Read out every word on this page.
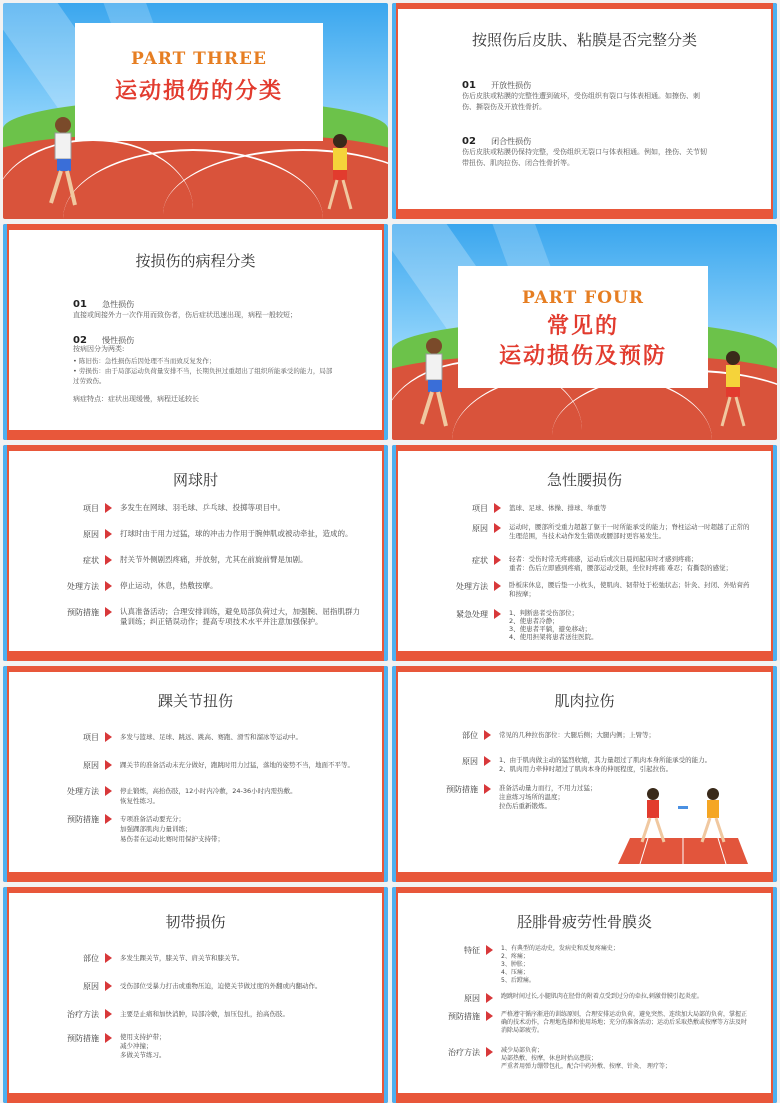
PART THREE
运动损伤的分类
按照伤后皮肤、粘膜是否完整分类
01 开放性损伤
伤后皮肤或粘膜的完整性遭到破坏，受伤组织有裂口与体表相通。如擦伤、刺伤、撕裂伤及开放性骨折。
02 闭合性损伤
伤后皮肤或粘膜仍保持完整，受伤组织无裂口与体表相通。例如，挫伤、关节韧带扭伤、肌肉拉伤、闭合性骨折等。
按损伤的病程分类
01 急性损伤
直接或间接外力一次作用而致伤者，伤后症状迅速出现，病程一般较短；
02 慢性损伤
按病因分为两类:
• 陈旧伤：急性损伤后因处理不当而致反复发作；
• 劳损伤：由于局部运动负荷量安排不当，长期负担过重超出了组织所能承受的能力，局部过劳致伤。
病症特点：症状出现缓慢，病程迁延较长
PART FOUR
常见的
运动损伤及预防
网球肘
项目	多发生在网球、羽毛球、乒乓球、投掷等项目中。
原因	打球时由于用力过猛，球的冲击力作用于腕伸肌或被动牵扯，造成的。
症状	肘关节外侧剧烈疼痛，并放射，尤其在前旋前臂是加剧。
处理方法	停止运动，休息，热敷按摩。
预防措施	认真准备活动；合理安排训练，避免局部负荷过大，加强腕、屈指肌群力量训练；纠正错误动作；提高专项技术水平并注意加强保护。
急性腰损伤
项目	篮球、足球、体操、排球、举重等
原因	运动时，腰部所受重力超越了躯干一时所能承受的能力；脊柱运动一时超越了正常的生理范围，当技术动作发生错误或腰部时更容易发生。
症状	轻者：受伤时常无疼痛感，运动后或次日晨间起床时才感到疼痛；
重者：伤后立即感到疼痛，腰部运动受限，坐位时疼痛 难忍；有撕裂的感觉；
处理方法	卧板床休息，腰后垫一小枕头，使肌肉、韧带处于松弛状态；针灸、封闭、外贴膏药和按摩；
紧急处理	1、判断患者受伤部位；
2、使患者冷静；
3、使患者平躺，避免移动；
4、使用担架将患者送往医院。
踝关节扭伤
项目	多发与篮球、足球、跳远、跳高、赛跑、滑雪和溜冰等运动中。
原因	踝关节的准备活动未充分做好，跑跳时用力过猛，落地的姿势不当，地面不平等。
处理方法	停止锻炼，高抬伤肢，12小时内冷敷，24-36小时内需热敷。
恢复性练习。
预防措施	专项准备活动要充分；
加强踝部肌肉力量训练；
易伤者在运动比赛时用保护支持带；
肌肉拉伤
部位	常见的几种拉伤部位：大腿后侧；大腿内侧；上臂等；
原因	1、由于肌肉做主动的猛烈收缩，其力量超过了肌肉本身所能承受的能力。
2、肌肉用力牵伸时超过了肌肉本身的伸展程度，引起拉伤。
预防措施	准备活动量力而行，不用力过猛；
注意练习场所的温度；
拉伤后重新锻炼。
韧带损伤
部位	多发生踝关节，膝关节、肩关节和膝关节。
原因	受伤部位受暴力打击或重物压迫，迫使关节做过度的外翻或内翻动作。
治疗方法	主要是止痛和加快消肿，局部冷敷，加压包扎，抬高伤肢。
预防措施	使用支持护带；
减少冲撞；
多做关节练习。
胫腓骨疲劳性骨膜炎
特征	1、有典型的运动史，发病史和反复疼痛史；
2、疼痛；
3、肿胀；
4、压痛；
5、后蹬痛。
原因	跑跳时间过长,小腿肌肉在胫骨的附着点受到过分的牵拉,刺激骨膜引起炎症。
预防措施	严格遵守循序渐进的训练原则，合理安排运动负荷，避免突然、连续加大局部的负荷，掌握正确的技术动作，合理地选择和使用场地；充分的准备活动；运动后采取热敷或按摩等方法及时消除局部疲劳。
治疗方法	减少局部负荷；
局部热敷、按摩，休息时抬高患肢；
严重者用弹力绷带包扎，配合中药外敷、按摩、针灸、 理疗等；
